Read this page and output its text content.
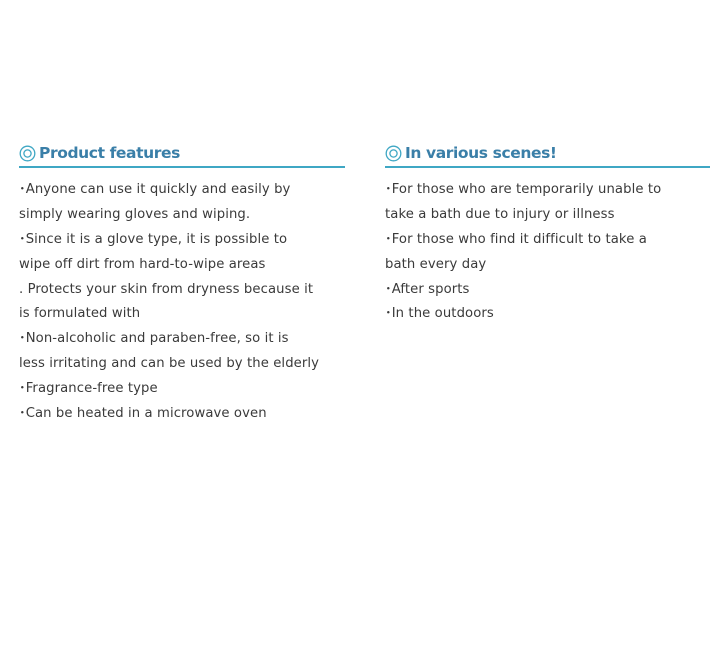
Product features
･Anyone can use it quickly and easily by
simply wearing gloves and wiping.
･Since it is a glove type, it is possible to
wipe off dirt from hard-to-wipe areas
. Protects your skin from dryness because it
is formulated with
･Non-alcoholic and paraben-free, so it is
less irritating and can be used by the elderly
･Fragrance-free type
･Can be heated in a microwave oven
In various scenes!
･For those who are temporarily unable to
take a bath due to injury or illness
･For those who find it difficult to take a
bath every day
･After sports
･In the outdoors
